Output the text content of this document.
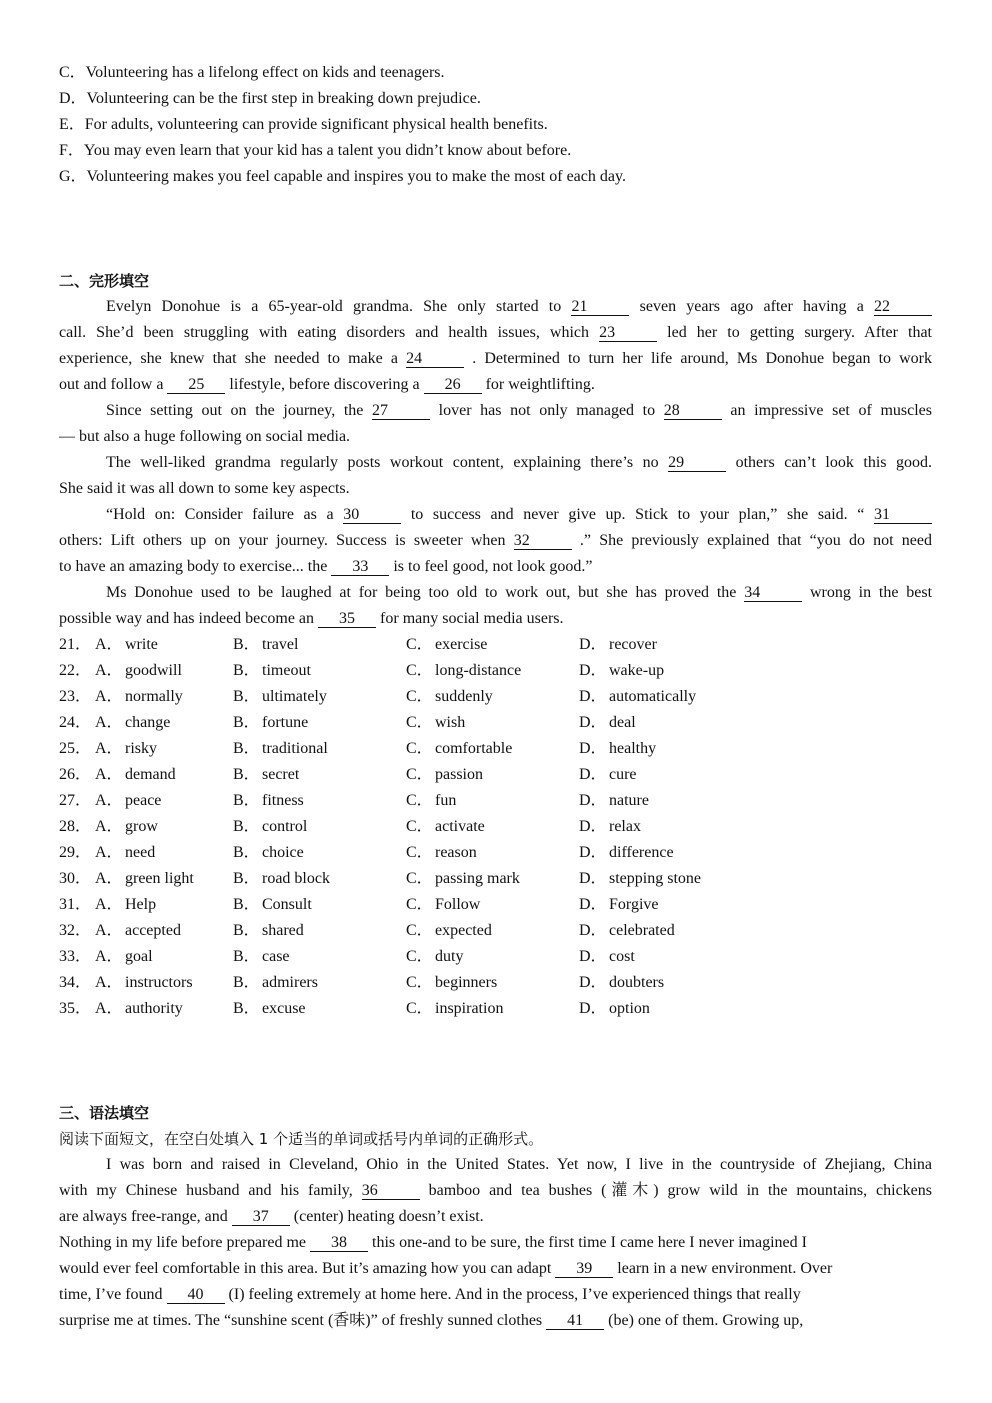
C．Volunteering has a lifelong effect on kids and teenagers.
D．Volunteering can be the first step in breaking down prejudice.
E．For adults, volunteering can provide significant physical health benefits.
F．You may even learn that your kid has a talent you didn’t know about before.
G．Volunteering makes you feel capable and inspires you to make the most of each day.
二、完形填空
Evelyn Donohue is a 65-year-old grandma. She only started to 21	seven years ago after having a 22
call. She’d been struggling with eating disorders and health issues, which 23	led her to getting surgery. After that
experience, she knew that she needed to make a 24	. Determined to turn her life around, Ms Donohue began to work
out and follow a 25 lifestyle, before discovering a 26 for weightlifting.
Since setting out on the journey, the 27	lover has not only managed to 28	an impressive set of muscles
— but also a huge following on social media.
The well-liked grandma regularly posts workout content, explaining there’s no 29	others can’t look this good.
She said it was all down to some key aspects.
“Hold on: Consider failure as a 30	to success and never give up. Stick to your plan,” she said. “ 31
others: Lift others up on your journey. Success is sweeter when 32	.” She previously explained that “you do not need
to have an amazing body to exercise... the 33 is to feel good, not look good.”
Ms Donohue used to be laughed at for being too old to work out, but she has proved the 34	wrong in the best
possible way and has indeed become an 35 for many social media users.
21． A． write	B． travel	C． exercise	D． recover
22． A． goodwill	B． timeout	C． long-distance	D． wake-up
23． A． normally	B． ultimately	C． suddenly	D． automatically
24． A． change	B． fortune	C． wish	D． deal
25． A． risky	B． traditional	C． comfortable	D． healthy
26． A． demand	B． secret	C． passion	D． cure
27． A． peace	B． fitness	C． fun	D． nature
28． A． grow	B． control	C． activate	D． relax
29． A． need	B． choice	C． reason	D． difference
30． A． green light B． road block	C． passing mark	D． stepping stone
31． A． Help	B． Consult	C． Follow	D． Forgive
32． A． accepted	B． shared	C． expected	D． celebrated
33． A． goal	B． case	C． duty	D． cost
34． A． instructors	B． admirers	C． beginners	D． doubters
35． A． authority	B． excuse	C． inspiration	D． option
三、语法填空
阅读下面短文，在空白处填入 1 个适当的单词或括号内单词的正确形式。
I was born and raised in Cleveland, Ohio in the United States. Yet now, I live in the countryside of Zhejiang, China
with my Chinese husband and his family, 36	bamboo and tea bushes (灌木) grow wild in the mountains, chickens
are always free-range, and 37 (center) heating doesn’t exist.
Nothing in my life before prepared me 38 this one-and to be sure, the first time I came here I never imagined I
would ever feel comfortable in this area. But it’s amazing how you can adapt 39 learn in a new environment. Over
time, I’ve found 40 (I) feeling extremely at home here. And in the process, I’ve experienced things that really
surprise me at times. The “sunshine scent (香味)” of freshly sunned clothes 41 (be) one of them. Growing up,
